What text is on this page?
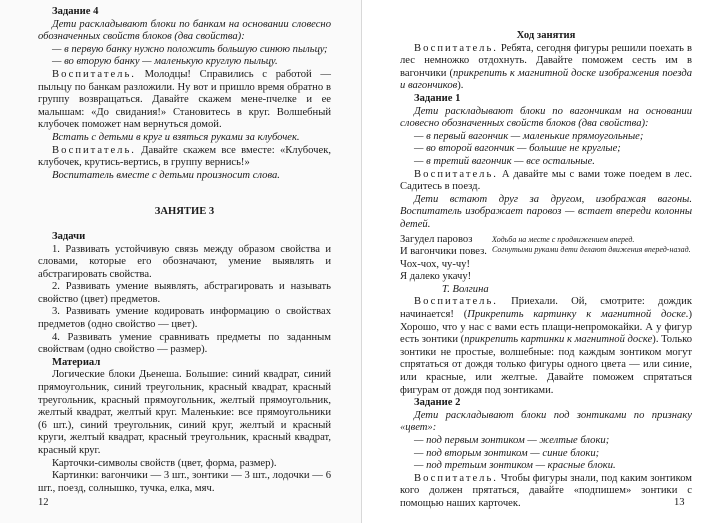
Задание 4

Дети раскладывают блоки по банкам на основании словесно обозначенных свойств блоков (два свойства):

— в первую банку нужно положить большую синюю пыльцу;

— во вторую банку — маленькую круглую пыльцу.

Воспитатель. Молодцы! Справились с работой — пыльцу по банкам разложили. Ну вот и пришло время обратно в группу возвращаться. Давайте скажем мене-пчелке и ее малышам: «До свидания!» Становитесь в круг. Волшебный клубочек поможет нам вернуться домой.

Встать с детьми в круг и взяться руками за клубочек.

Воспитатель. Давайте скажем все вместе: «Клубочек, клубочек, крутись-вертись, в группу вернись!»

Воспитатель вместе с детьми произносит слова.

ЗАНЯТИЕ 3

Задачи

1. Развивать устойчивую связь между образом свойства и словами, которые его обозначают, умение выявлять и абстрагировать свойства.

2. Развивать умение выявлять, абстрагировать и называть свойство (цвет) предметов.

3. Развивать умение кодировать информацию о свойствах предметов (одно свойство — цвет).

4. Развивать умение сравнивать предметы по заданным свойствам (одно свойство — размер).

Материал

Логические блоки Дьенеша. Большие: синий квадрат, синий прямоугольник, синий треугольник, красный квадрат, красный треугольник, красный прямоугольник, желтый прямоугольник, желтый квадрат, желтый круг. Маленькие: все прямоугольники (6 шт.), синий треугольник, синий круг, желтый и красный круги, желтый квадрат, красный треугольник, красный квадрат, красный круг.

Карточки-символы свойств (цвет, форма, размер).

Картинки: вагончики — 3 шт., зонтики — 3 шт., лодочки — 6 шт., поезд, солнышко, тучка, елка, мяч.

12

Ход занятия

Воспитатель. Ребята, сегодня фигуры решили поехать в лес немножко отдохнуть. Давайте поможем сесть им в вагончики (прикрепить к магнитной доске изображения поезда и вагончиков).

Задание 1

Дети раскладывают блоки по вагончикам на основании словесно обозначенных свойств блоков (два свойства):

— в первый вагончик — маленькие прямоугольные;

— во второй вагончик — большие не круглые;

— в третий вагончик — все остальные.

Воспитатель. А давайте мы с вами тоже поедем в лес. Садитесь в поезд.

Дети встают друг за другом, изображая вагоны. Воспитатель изображает паровоз — встает впереди колонны детей.

Загудел паровоз

И вагончики повез.

Чох-чох, чу-чу!

Я далеко укачу!

Ходьба на месте с продвижением вперед.

Согнутыми руками дети делают движения вперед-назад.

Т. Волгина

Воспитатель. Приехали. Ой, смотрите: дождик начинается! (Прикрепить картинку к магнитной доске.) Хорошо, что у нас с вами есть плащи-непромокайки. А у фигур есть зонтики (прикрепить картинки к магнитной доске). Только зонтики не простые, волшебные: под каждым зонтиком могут спрятаться от дождя только фигуры одного цвета — или синие, или красные, или желтые. Давайте поможем спрятаться фигурам от дождя под зонтиками.

Задание 2

Дети раскладывают блоки под зонтиками по признаку «цвет»:

— под первым зонтиком — желтые блоки;

— под вторым зонтиком — синие блоки;

— под третьим зонтиком — красные блоки.

Воспитатель. Чтобы фигуры знали, под каким зонтиком кого должен прятаться, давайте «подпишем» зонтики с помощью наших карточек.	13
